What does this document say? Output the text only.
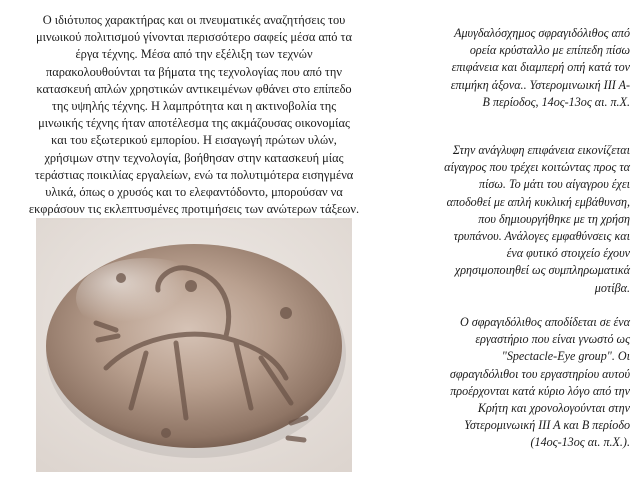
Ο ιδιότυπος χαρακτήρας και οι πνευματικές αναζητήσεις του
μινωικού πολιτισμού γίνονται περισσότερο σαφείς μέσα από τα
έργα τέχνης. Μέσα από την εξέλιξη των τεχνών
παρακολουθούνται τα βήματα της τεχνολογίας που από την
κατασκευή απλών χρηστικών αντικειμένων φθάνει στο επίπεδο
της υψηλής τέχνης. Η λαμπρότητα και η ακτινοβολία της
μινωικής τέχνης ήταν αποτέλεσμα της ακμάζουσας οικονομίας
και του εξωτερικού εμπορίου. Η εισαγωγή πρώτων υλών,
χρήσιμων στην τεχνολογία, βοήθησαν στην κατασκευή μίας
τεράστιας ποικιλίας εργαλείων, ενώ τα πολυτιμότερα εισηγμένα
υλικά, όπως ο χρυσός και το ελεφαντόδοντο, μπορούσαν να
εκφράσουν τις εκλεπτυσμένες προτιμήσεις των ανώτερων τάξεων.
Αμυγδαλόσχημος σφραγιδόλιθος από
ορεία κρύσταλλο με επίπεδη πίσω
επιφάνεια και διαμπερή οπή κατά τον
επιμήκη άξονα.. Υστερομινωική ΙΙΙ Α-
Β περίοδος, 14ος-13ος αι. π.Χ.
Στην ανάγλυφη επιφάνεια εικονίζεται
αίγαγρος που τρέχει κοιτώντας προς τα
πίσω. Το μάτι του αίγαγρου έχει
αποδοθεί με απλή κυκλική εμβάθυνση,
που δημιουργήθηκε με τη χρήση
τρυπάνου. Ανάλογες εμφαθύνσεις και
ένα φυτικό στοιχείο έχουν
χρησιμοποιηθεί ως συμπληρωματικά
μοτίβα.
Ο σφραγιδόλιθος αποδίδεται σε ένα
εργαστήριο που είναι γνωστό ως
"Spectacle-Eye group". Οι
σφραγιδόλιθοι του εργαστηρίου αυτού
προέρχονται κατά κύριο λόγο από την
Κρήτη και χρονολογούνται στην
Υστερομινωική ΙΙΙ Α και Β περίοδο
(14ος-13ος αι. π.Χ.).
